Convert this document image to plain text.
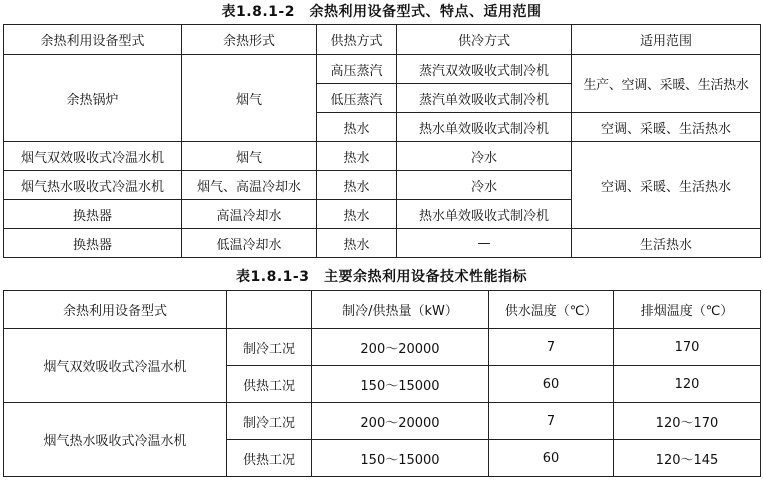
表1.8.1-2　余热利用设备型式、特点、适用范围
余热利用设备型式	余热形式	供热方式	供冷方式	适用范围
余热锅炉	烟气	高压蒸汽	蒸汽双效吸收式制冷机	生产、空调、采暖、生活热水
		低压蒸汽	蒸汽单效吸收式制冷机	
		热水	热水单效吸收式制冷机	空调、采暖、生活热水
烟气双效吸收式冷温水机	烟气	热水	冷水	空调、采暖、生活热水
烟气热水吸收式冷温水机	烟气、高温冷却水	热水	冷水	
换热器	高温冷却水	热水	热水单效吸收式制冷机	
换热器	低温冷却水	热水	—	生活热水
表1.8.1-3　主要余热利用设备技术性能指标
余热利用设备型式		制冷/供热量（kW）	供水温度（℃）	排烟温度（℃）
烟气双效吸收式冷温水机	制冷工况	200～20000	7	170
	供热工况	150～15000	60	120
烟气热水吸收式冷温水机	制冷工况	200～20000	7	120～170
	供热工况	150～15000	60	120～145
